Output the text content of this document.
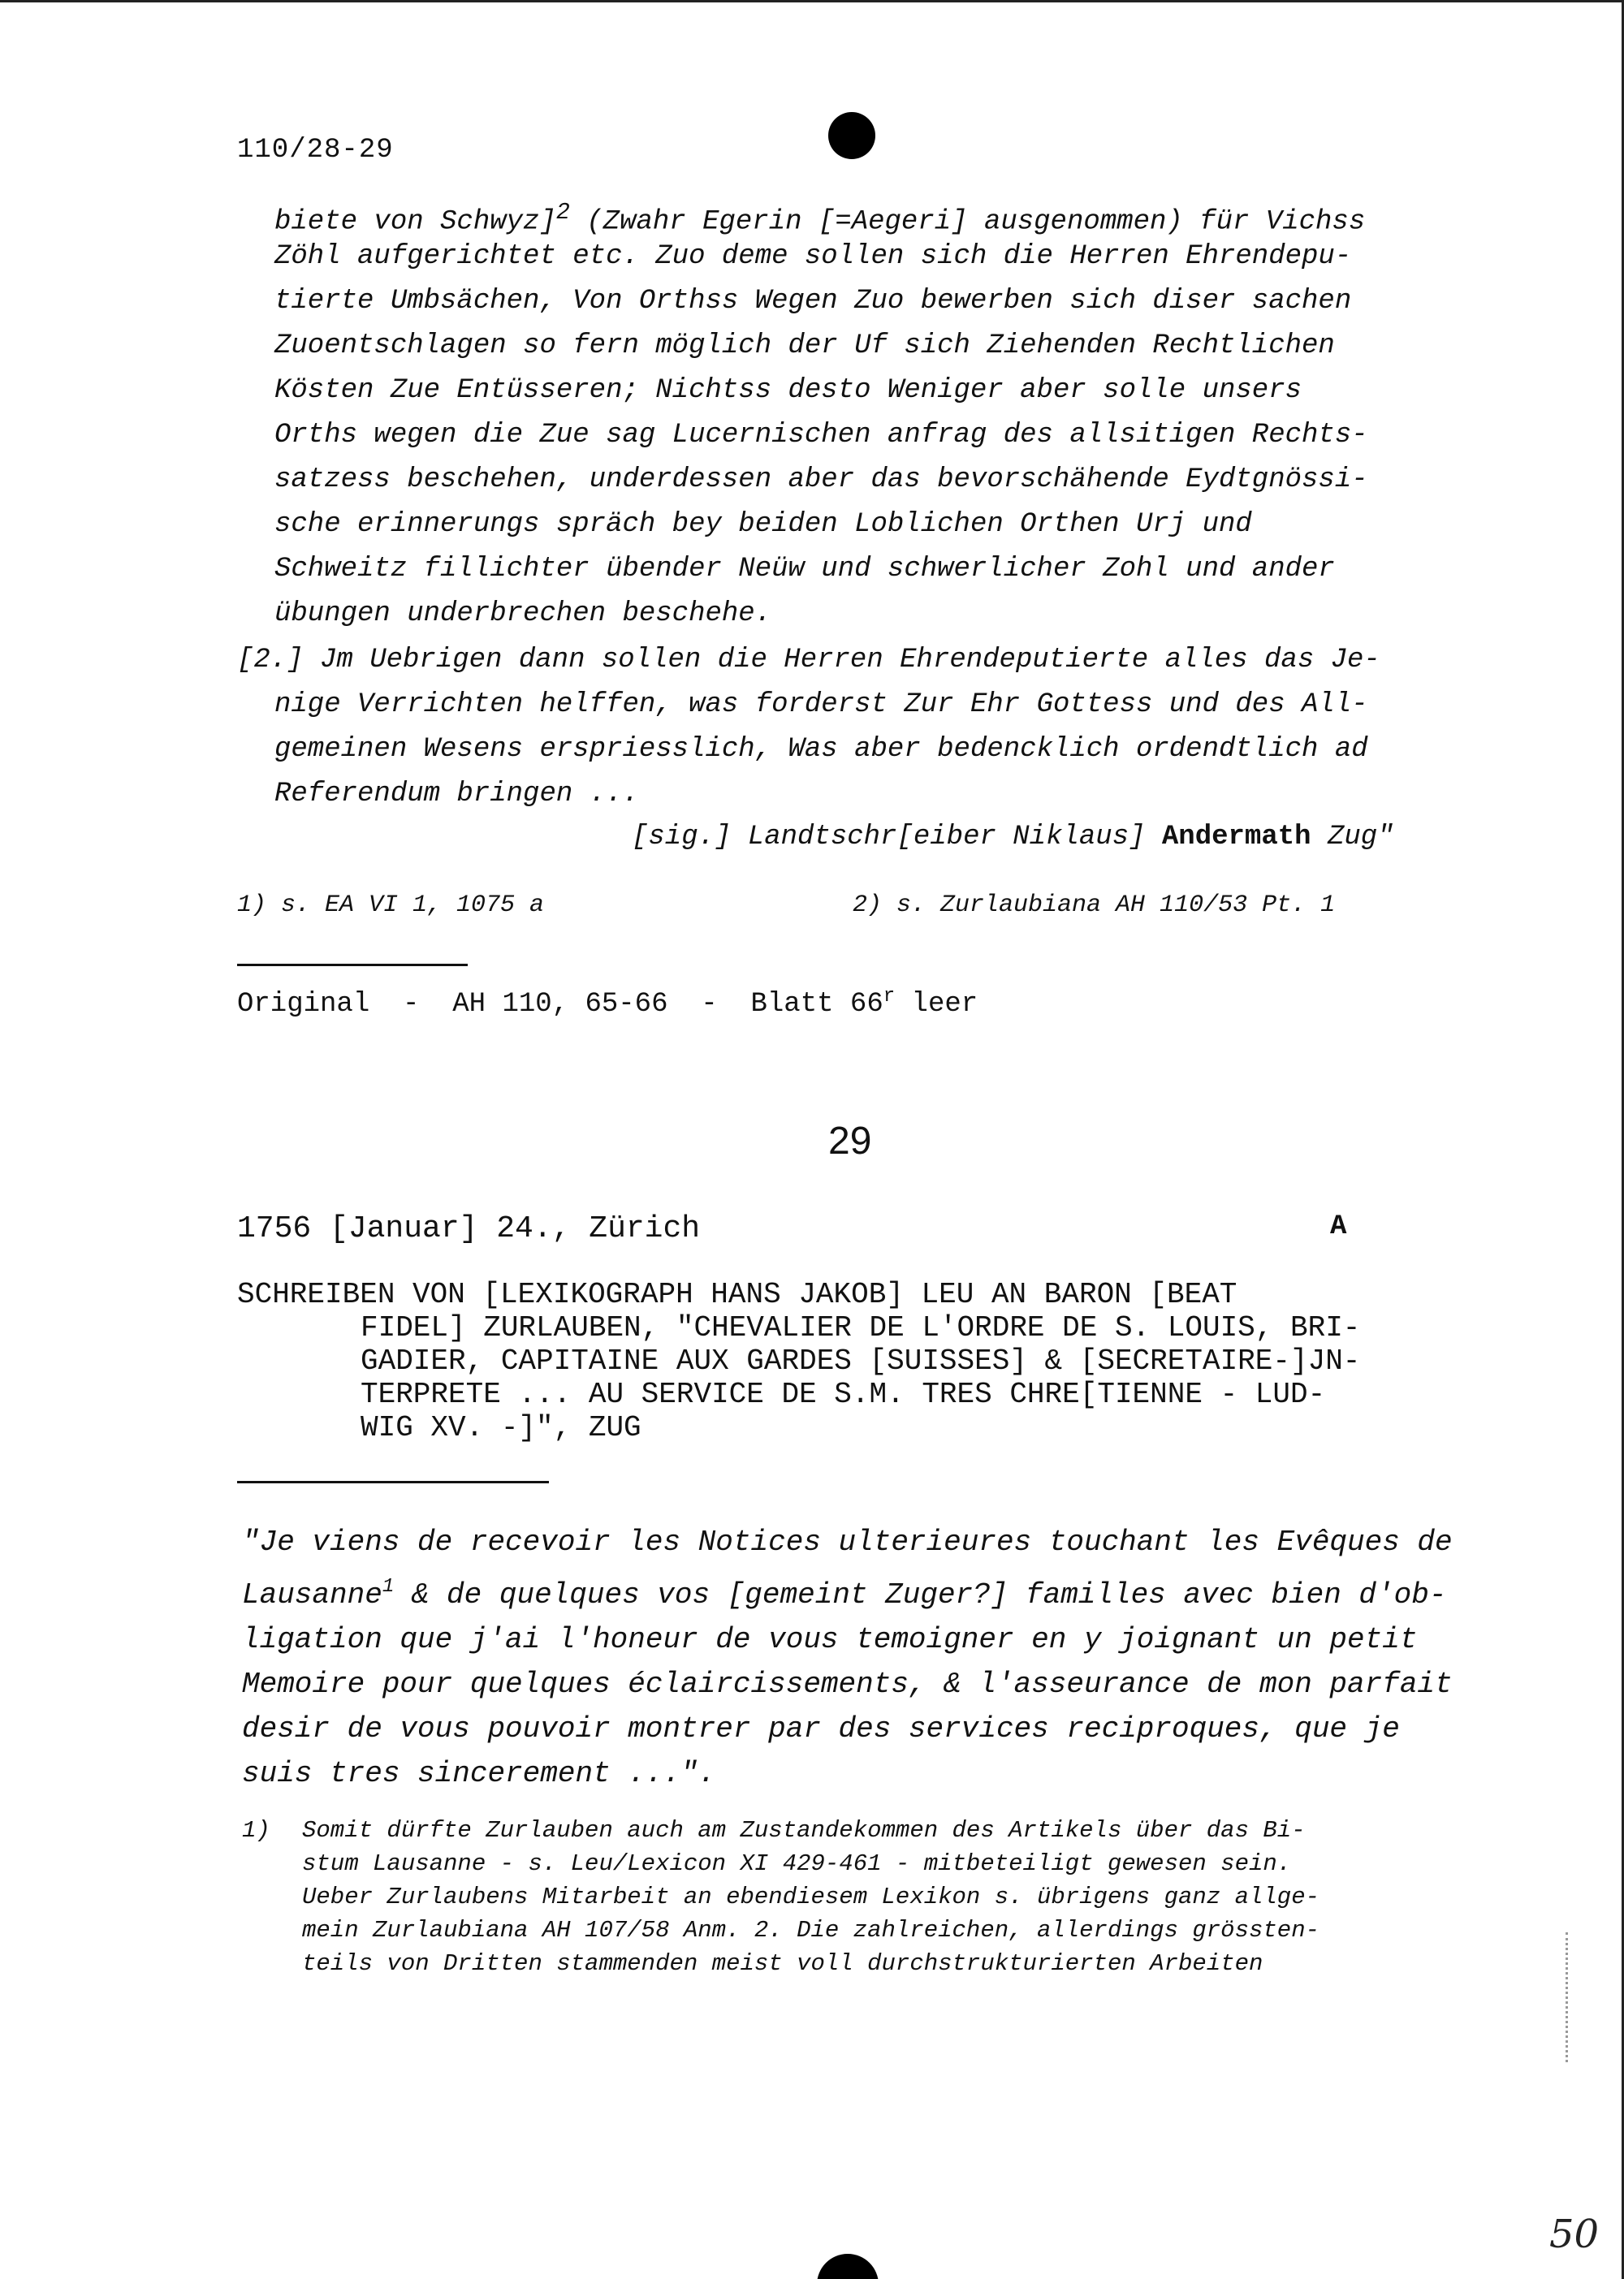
110/28-29
biete von Schwyz]$^2$ (Zwahr Egerin [=Aegeri] ausgenommen) für Vichss
Zöhl aufgerichtet etc. Zuo deme sollen sich die Herren Ehrendepu-
tierte Umbsächen, Von Orthss Wegen Zuo bewerben sich diser sachen
Zuoentschlagen so fern möglich der Uf sich Ziehenden Rechtlichen
Kösten Zue Entüsseren; Nichtss desto Weniger aber solle unsers
Orths wegen die Zue sag Lucernischen anfrag des allsitigen Rechts-
satzess beschehen, underdessen aber das bevorschähende Eydtgnössi-
sche erinnerungs spräch bey beiden Loblichen Orthen Urj und
Schweitz fillichter übender Neüw und schwerlicher Zohl und ander
übungen underbrechen beschehe.
[2.] Jm Uebrigen dann sollen die Herren Ehrendeputierte alles das Je-
nige Verrichten helffen, was forderst Zur Ehr Gottess und des All-
gemeinen Wesens erspriesslich, Was aber bedencklich ordendtlich ad
Referendum bringen ...
[sig.] Landtschr[eiber Niklaus] Andermath Zug"
1) s. EA VI 1, 1075 a	2) s. Zurlaubiana AH 110/53 Pt. 1
Original  -  AH 110, 65-66  -  Blatt 66$^r$ leer
29
1756 [Januar] 24., Zürich	A
SCHREIBEN VON [LEXIKOGRAPH HANS JAKOB] LEU AN BARON [BEAT
FIDEL] ZURLAUBEN, "CHEVALIER DE L'ORDRE DE S. LOUIS, BRI-
GADIER, CAPITAINE AUX GARDES [SUISSES] & [SECRETAIRE-]JN-
TERPRETE ... AU SERVICE DE S.M. TRES CHRE[TIENNE - LUD-
WIG XV. -]", ZUG
"Je viens de recevoir les Notices ulterieures touchant les Evêques de
Lausanne$^1$ & de quelques vos [gemeint Zuger?] familles avec bien d'ob-
ligation que j'ai l'honeur de vous temoigner en y joignant un petit
Memoire pour quelques éclaircissements, & l'asseurance de mon parfait
desir de vous pouvoir montrer par des services reciproques, que je
suis tres sincerement ...".
1) Somit dürfte Zurlauben auch am Zustandekommen des Artikels über das Bi-
stum Lausanne - s. Leu/Lexicon XI 429-461 - mitbeteiligt gewesen sein.
Ueber Zurlaubens Mitarbeit an ebendiesem Lexikon s. übrigens ganz allge-
mein Zurlaubiana AH 107/58 Anm. 2. Die zahlreichen, allerdings grössten-
teils von Dritten stammenden meist voll durchstrukturierten Arbeiten
50
